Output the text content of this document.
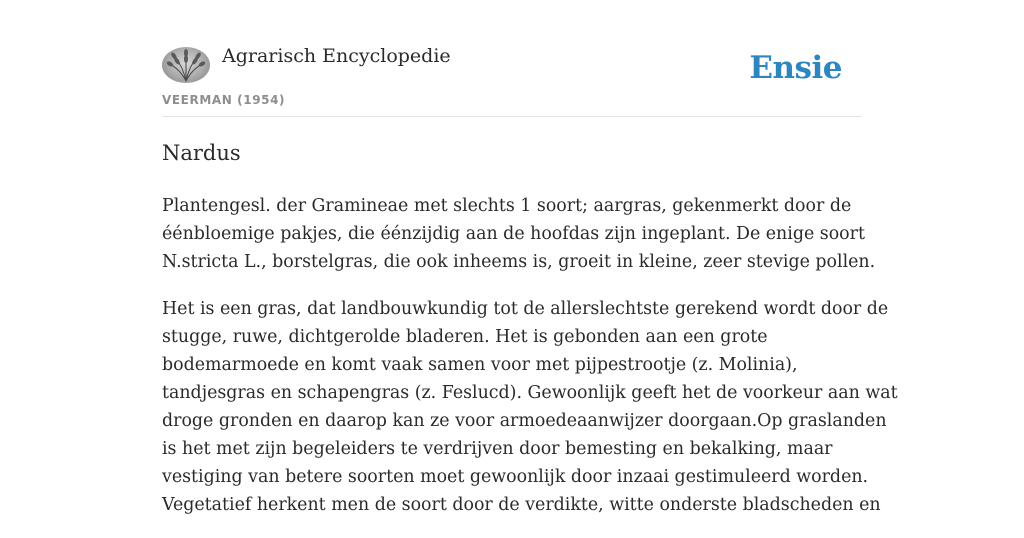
Agrarisch Encyclopedie
VEERMAN (1954)
Ensie
Nardus

Plantengesl. der Gramineae met slechts 1 soort; aargras, gekenmerkt door de
éénbloemige pakjes, die éénzijdig aan de hoofdas zijn ingeplant. De enige soort
N.stricta L., borstelgras, die ook inheems is, groeit in kleine, zeer stevige pollen.

Het is een gras, dat landbouwkundig tot de allerslechtste gerekend wordt door de
stugge, ruwe, dichtgerolde bladeren. Het is gebonden aan een grote
bodemarmoede en komt vaak samen voor met pijpestrootje (z. Molinia),
tandjesgras en schapengras (z. Feslucd). Gewoonlijk geeft het de voorkeur aan wat
droge gronden en daarop kan ze voor armoedeaanwijzer doorgaan.Op graslanden
is het met zijn begeleiders te verdrijven door bemesting en bekalking, maar
vestiging van betere soorten moet gewoonlijk door inzaai gestimuleerd worden.
Vegetatief herkent men de soort door de verdikte, witte onderste bladscheden en
